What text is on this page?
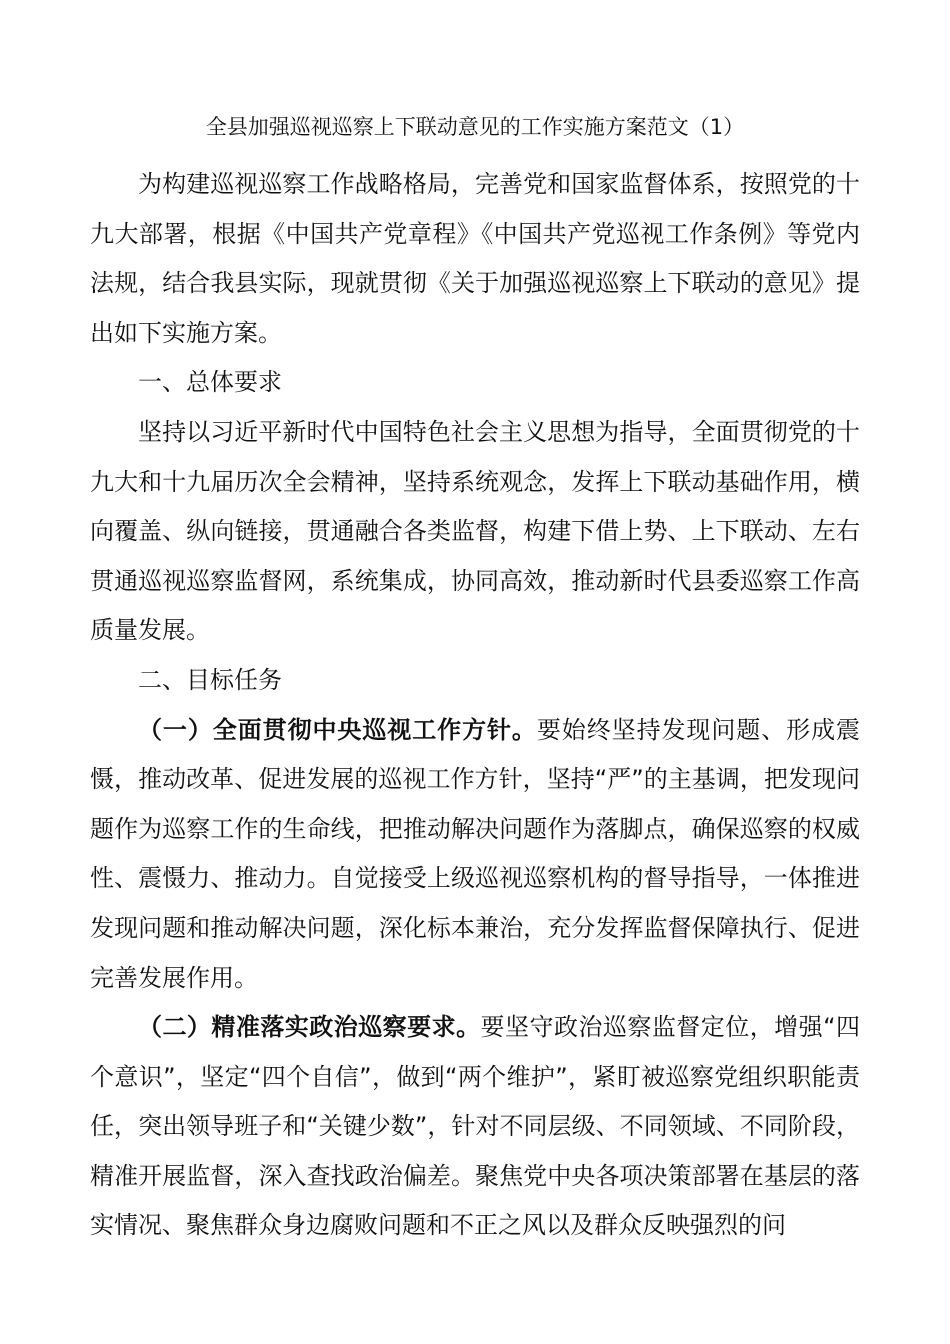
全县加强巡视巡察上下联动意见的工作实施方案范文（1）

为构建巡视巡察工作战略格局，完善党和国家监督体系，按照党的十九大部署，根据《中国共产党章程》《中国共产党巡视工作条例》等党内法规，结合我县实际，现就贯彻《关于加强巡视巡察上下联动的意见》提出如下实施方案。

一、总体要求

坚持以习近平新时代中国特色社会主义思想为指导，全面贯彻党的十九大和十九届历次全会精神，坚持系统观念，发挥上下联动基础作用，横向覆盖、纵向链接，贯通融合各类监督，构建下借上势、上下联动、左右贯通巡视巡察监督网，系统集成，协同高效，推动新时代县委巡察工作高质量发展。

二、目标任务

（一）全面贯彻中央巡视工作方针。要始终坚持发现问题、形成震慑，推动改革、促进发展的巡视工作方针，坚持“严”的主基调，把发现问题作为巡察工作的生命线，把推动解决问题作为落脚点，确保巡察的权威性、震慑力、推动力。自觉接受上级巡视巡察机构的督导指导，一体推进发现问题和推动解决问题，深化标本兼治，充分发挥监督保障执行、促进完善发展作用。

（二）精准落实政治巡察要求。要坚守政治巡察监督定位，增强“四个意识”，坚定“四个自信”，做到“两个维护”，紧盯被巡察党组织职能责任，突出领导班子和“关键少数”，针对不同层级、不同领域、不同阶段，精准开展监督，深入查找政治偏差。聚焦党中央各项决策部署在基层的落实情况、聚焦群众身边腐败问题和不正之风以及群众反映强烈的问
